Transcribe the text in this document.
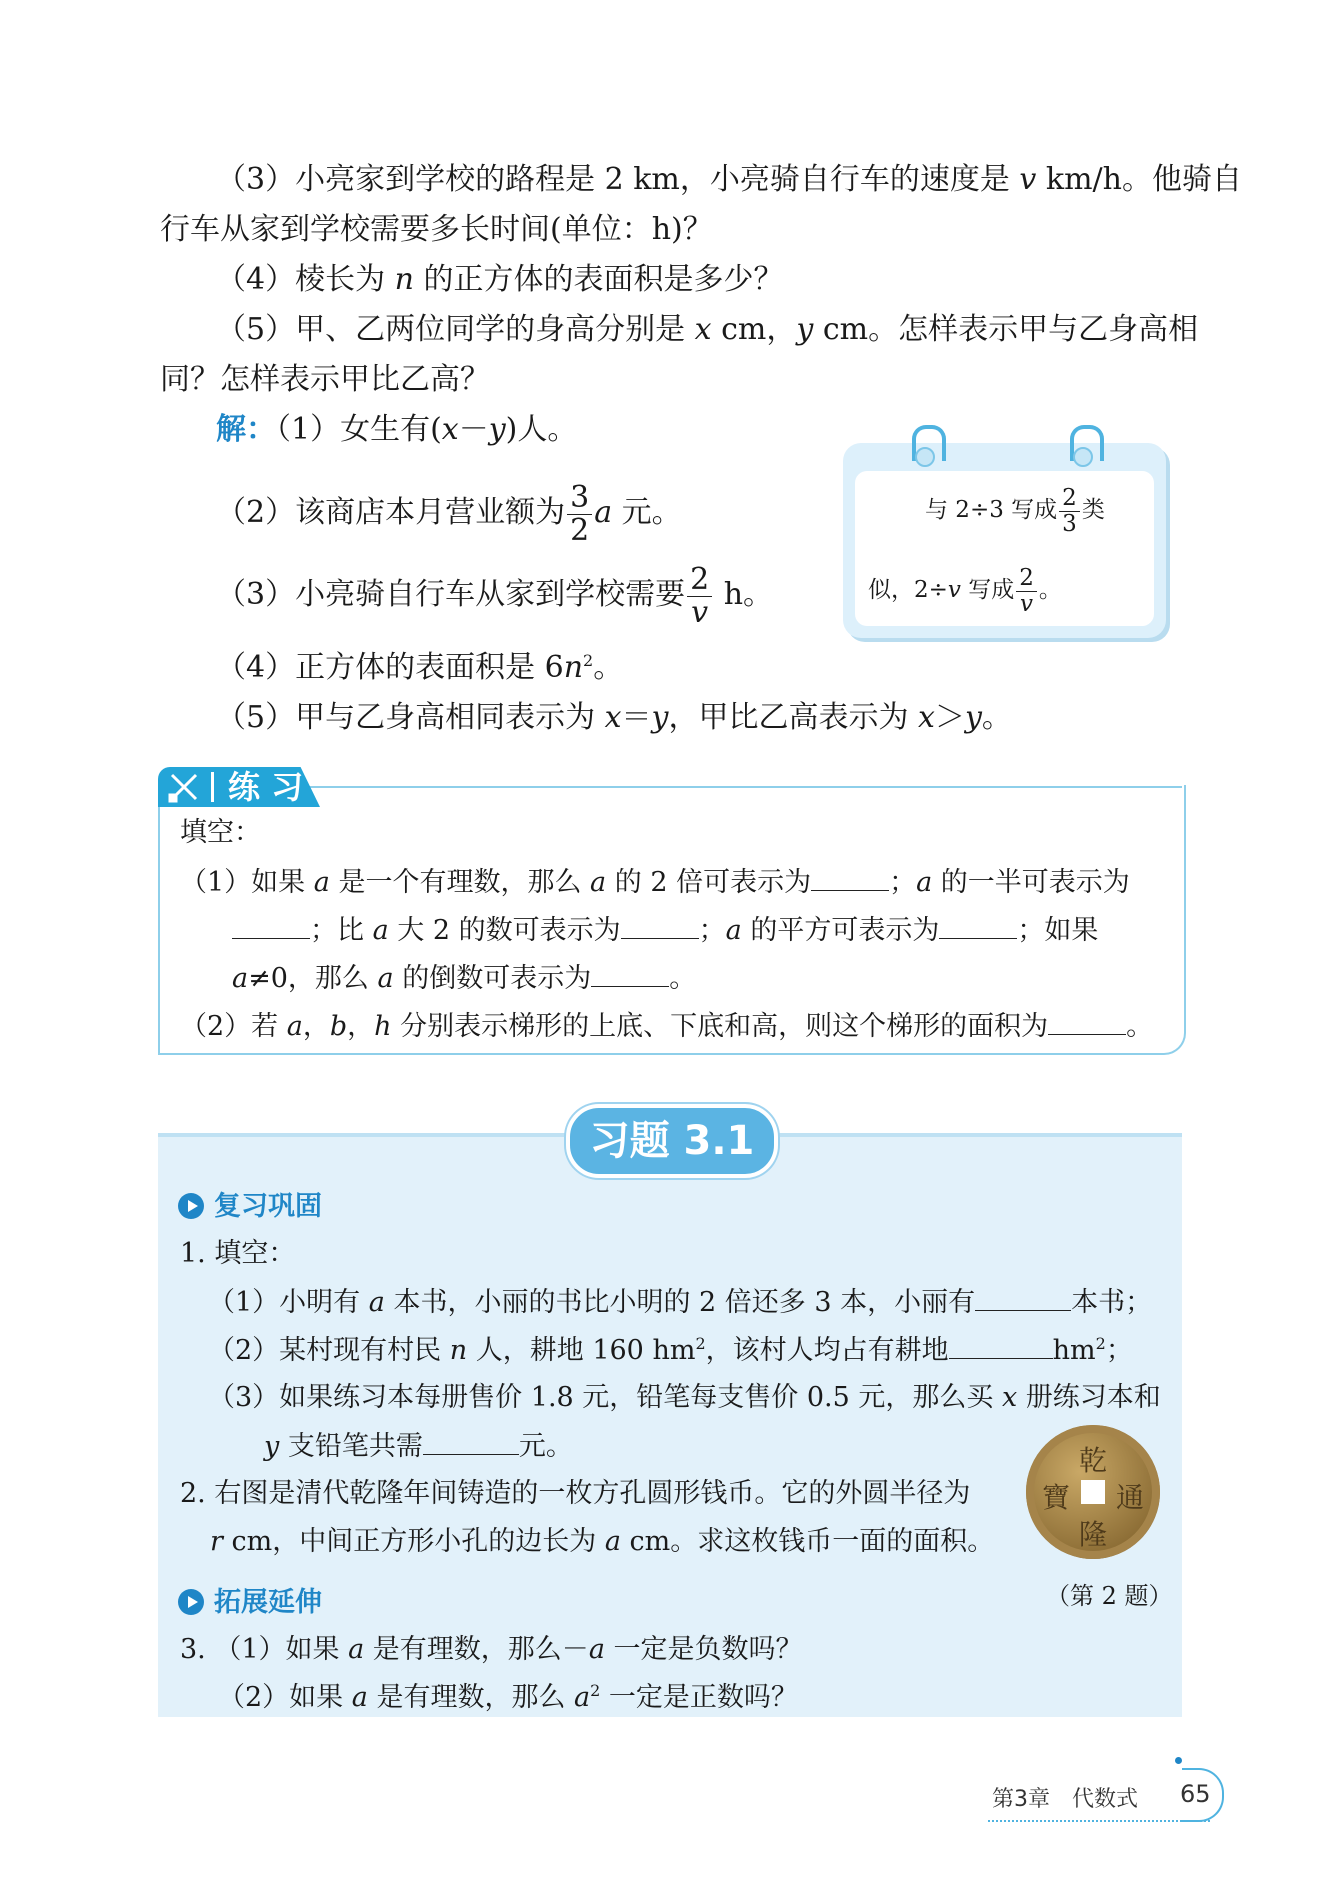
（3）小亮家到学校的路程是 2 km，小亮骑自行车的速度是 v km/h。他骑自
行车从家到学校需要多长时间(单位：h)？
（4）棱长为 n 的正方体的表面积是多少？
（5）甲、乙两位同学的身高分别是 x cm，y cm。怎样表示甲与乙身高相
同？怎样表示甲比乙高？
解：（1）女生有(x－y)人。
（2）该商店本月营业额为 $\frac{3}{2}$ a 元。
（3）小亮骑自行车从家到学校需要 $\frac{2}{v}$ h。
（4）正方体的表面积是 $6n^2$。
（5）甲与乙身高相同表示为 x＝y，甲比乙高表示为 x＞y。
与 2÷3 写成 $\frac{2}{3}$ 类
似，2÷v 写成 $\frac{2}{v}$ 。
练 习
填空：
（1）如果 a 是一个有理数，那么 a 的 2 倍可表示为	；a 的一半可表示为
；比 a 大 2 的数可表示为	；a 的平方可表示为	；如果
a≠0，那么 a 的倒数可表示为	。
（2）若 a，b，h 分别表示梯形的上底、下底和高，则这个梯形的面积为	。
习题 3.1
复习巩固
1. 填空：
（1）小明有 a 本书，小丽的书比小明的 2 倍还多 3 本，小丽有	本书；
（2）某村现有村民 n 人，耕地 160 $hm^2$，该村人均占有耕地	$hm^2$；
（3）如果练习本每册售价 1.8 元，铅笔每支售价 0.5 元，那么买 x 册练习本和
y 支铅笔共需	元。
2. 右图是清代乾隆年间铸造的一枚方孔圆形钱币。它的外圆半径为
r cm，中间正方形小孔的边长为 a cm。求这枚钱币一面的面积。
乾
隆
通
寶
（第 2 题）
拓展延伸
3. （1）如果 a 是有理数，那么－a 一定是负数吗？
（2）如果 a 是有理数，那么 $a^2$ 一定是正数吗？
第3章　代数式 65
